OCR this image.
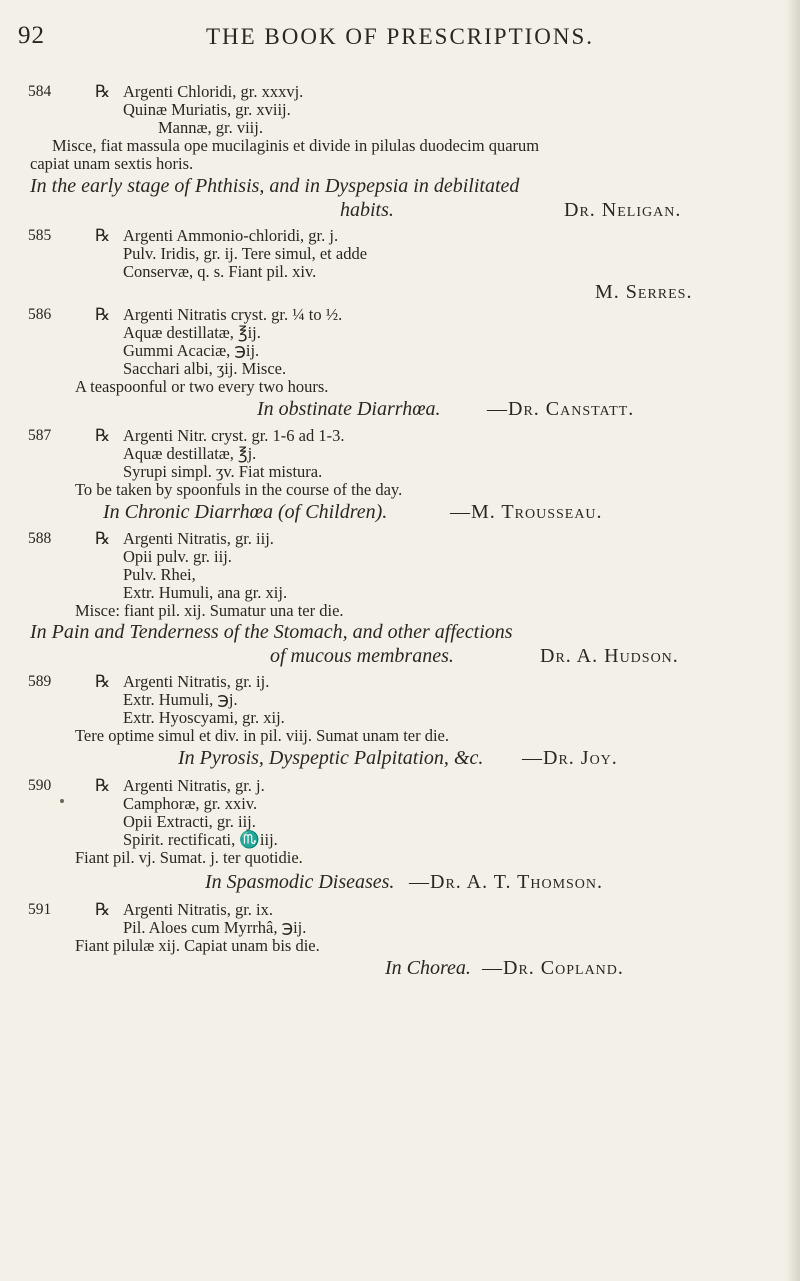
92	THE BOOK OF PRESCRIPTIONS.
584	℞ Argenti Chloridi, gr. xxxvj.
Quinæ Muriatis, gr. xviij.
Mannæ, gr. viij.
Misce, fiat massula ope mucilaginis et divide in pilulas duodecim quarum
capiat unam sextis horis.
In the early stage of Phthisis, and in Dyspepsia in debilitated
habits.	Dr. Neligan.
585	℞ Argenti Ammonio-chloridi, gr. j.
Pulv. Iridis, gr. ij. Tere simul, et adde
Conservæ, q. s. Fiant pil. xiv.
M. Serres.
586	℞ Argenti Nitratis cryst. gr. ¼ to ½.
Aquæ destillatæ, ℥ij.
Gummi Acaciæ, ℈ij.
Sacchari albi, ʒij. Misce.
A teaspoonful or two every two hours.
In obstinate Diarrhœa. —Dr. Canstatt.
587	℞ Argenti Nitr. cryst. gr. 1-6 ad 1-3.
Aquæ destillatæ, ℥j.
Syrupi simpl. ʒv. Fiat mistura.
To be taken by spoonfuls in the course of the day.
In Chronic Diarrhœa (of Children).	—M. Trousseau.
588	℞ Argenti Nitratis, gr. iij.
Opii pulv. gr. iij.
Pulv. Rhei,
Extr. Humuli, ana gr. xij.
Misce: fiant pil. xij. Sumatur una ter die.
In Pain and Tenderness of the Stomach, and other affections
of mucous membranes.	Dr. A. Hudson.
589	℞ Argenti Nitratis, gr. ij.
Extr. Humuli, ℈j.
Extr. Hyoscyami, gr. xij.
Tere optime simul et div. in pil. viij. Sumat unam ter die.
In Pyrosis, Dyspeptic Palpitation, &c. —Dr. Joy.
590	℞ Argenti Nitratis, gr. j.
Camphoræ, gr. xxiv.
Opii Extracti, gr. iij.
Spirit. rectificati, ♏iij.
Fiant pil. vj. Sumat. j. ter quotidie.
In Spasmodic Diseases. —Dr. A. T. Thomson.
591	℞ Argenti Nitratis, gr. ix.
Pil. Aloes cum Myrrhâ, ℈ij.
Fiant pilulæ xij. Capiat unam bis die.
In Chorea. —Dr. Copland.
